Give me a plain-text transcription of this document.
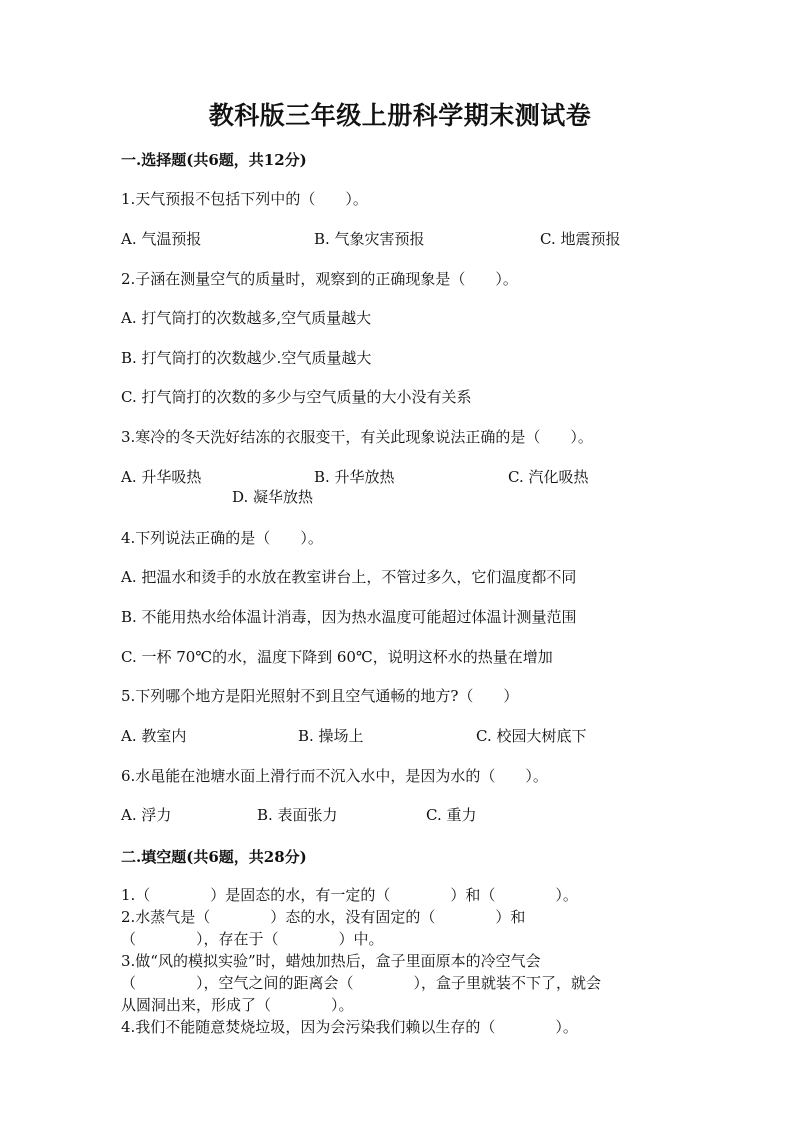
教科版三年级上册科学期末测试卷
一.选择题(共6题，共12分)
1.天气预报不包括下列中的（　　）。
A. 气温预报	B. 气象灾害预报	C. 地震预报
2.子涵在测量空气的质量时，观察到的正确现象是（　　）。
A. 打气筒打的次数越多,空气质量越大
B. 打气筒打的次数越少.空气质量越大
C. 打气筒打的次数的多少与空气质量的大小没有关系
3.寒冷的冬天洗好结冻的衣服变干，有关此现象说法正确的是（　　）。
A. 升华吸热	B. 升华放热	C. 汽化吸热
D. 凝华放热
4.下列说法正确的是（　　）。
A. 把温水和烫手的水放在教室讲台上，不管过多久，它们温度都不同
B. 不能用热水给体温计消毒，因为热水温度可能超过体温计测量范围
C. 一杯 70℃的水，温度下降到 60℃，说明这杯水的热量在增加
5.下列哪个地方是阳光照射不到且空气通畅的地方?（　　）
A. 教室内	B. 操场上	C. 校园大树底下
6.水黾能在池塘水面上滑行而不沉入水中，是因为水的（　　）。
A. 浮力	B. 表面张力	C. 重力
二.填空题(共6题，共28分)
1.（　　　　）是固态的水，有一定的（　　　　）和（　　　　）。
2.水蒸气是（　　　　）态的水，没有固定的（　　　　）和
（　　　　），存在于（　　　　）中。
3.做“风的模拟实验”时，蜡烛加热后，盒子里面原本的冷空气会
（　　　　），空气之间的距离会（　　　　），盒子里就装不下了，就会
从圆洞出来，形成了（　　　　）。
4.我们不能随意焚烧垃圾，因为会污染我们赖以生存的（　　　　）。
